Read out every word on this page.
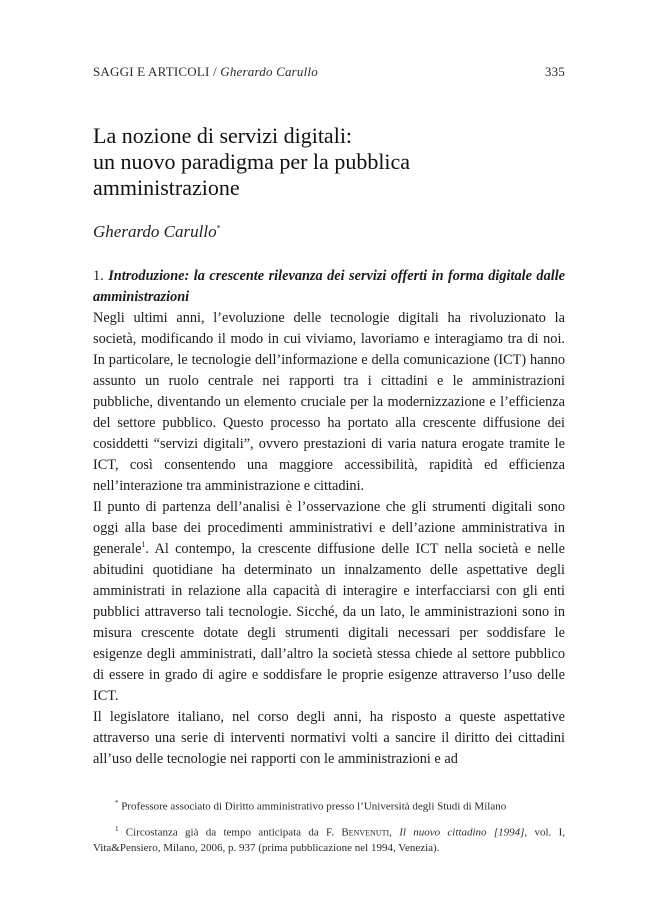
SAGGI E ARTICOLI / Gherardo Carullo	335
La nozione di servizi digitali:
un nuovo paradigma per la pubblica
amministrazione
Gherardo Carullo*

1. Introduzione: la crescente rilevanza dei servizi offerti in forma digitale dalle amministrazioni

Negli ultimi anni, l’evoluzione delle tecnologie digitali ha rivoluzionato la società, modificando il modo in cui viviamo, lavoriamo e interagiamo tra di noi. In particolare, le tecnologie dell’informazione e della comunicazione (ICT) hanno assunto un ruolo centrale nei rapporti tra i cittadini e le amministrazioni pubbliche, diventando un elemento cruciale per la modernizzazione e l’efficienza del settore pubblico. Questo processo ha portato alla crescente diffusione dei cosiddetti “servizi digitali”, ovvero prestazioni di varia natura erogate tramite le ICT, così consentendo una maggiore accessibilità, rapidità ed efficienza nell’interazione tra amministrazione e cittadini.

Il punto di partenza dell’analisi è l’osservazione che gli strumenti digitali sono oggi alla base dei procedimenti amministrativi e dell’azione amministrativa in generale$^1$. Al contempo, la crescente diffusione delle ICT nella società e nelle abitudini quotidiane ha determinato un innalzamento delle aspettative degli amministrati in relazione alla capacità di interagire e interfacciarsi con gli enti pubblici attraverso tali tecnologie. Sicché, da un lato, le amministrazioni sono in misura crescente dotate degli strumenti digitali necessari per soddisfare le esigenze degli amministrati, dall’altro la società stessa chiede al settore pubblico di essere in grado di agire e soddisfare le proprie esigenze attraverso l’uso delle ICT.

Il legislatore italiano, nel corso degli anni, ha risposto a queste aspettative attraverso una serie di interventi normativi volti a sancire il diritto dei cittadini all’uso delle tecnologie nei rapporti con le amministrazioni e ad

* Professore associato di Diritto amministrativo presso l’Università degli Studi di Milano

$^1$ Circostanza già da tempo anticipata da F. Benvenuti, Il nuovo cittadino [1994], vol. I, Vita&Pensiero, Milano, 2006, p. 937 (prima pubblicazione nel 1994, Venezia).
